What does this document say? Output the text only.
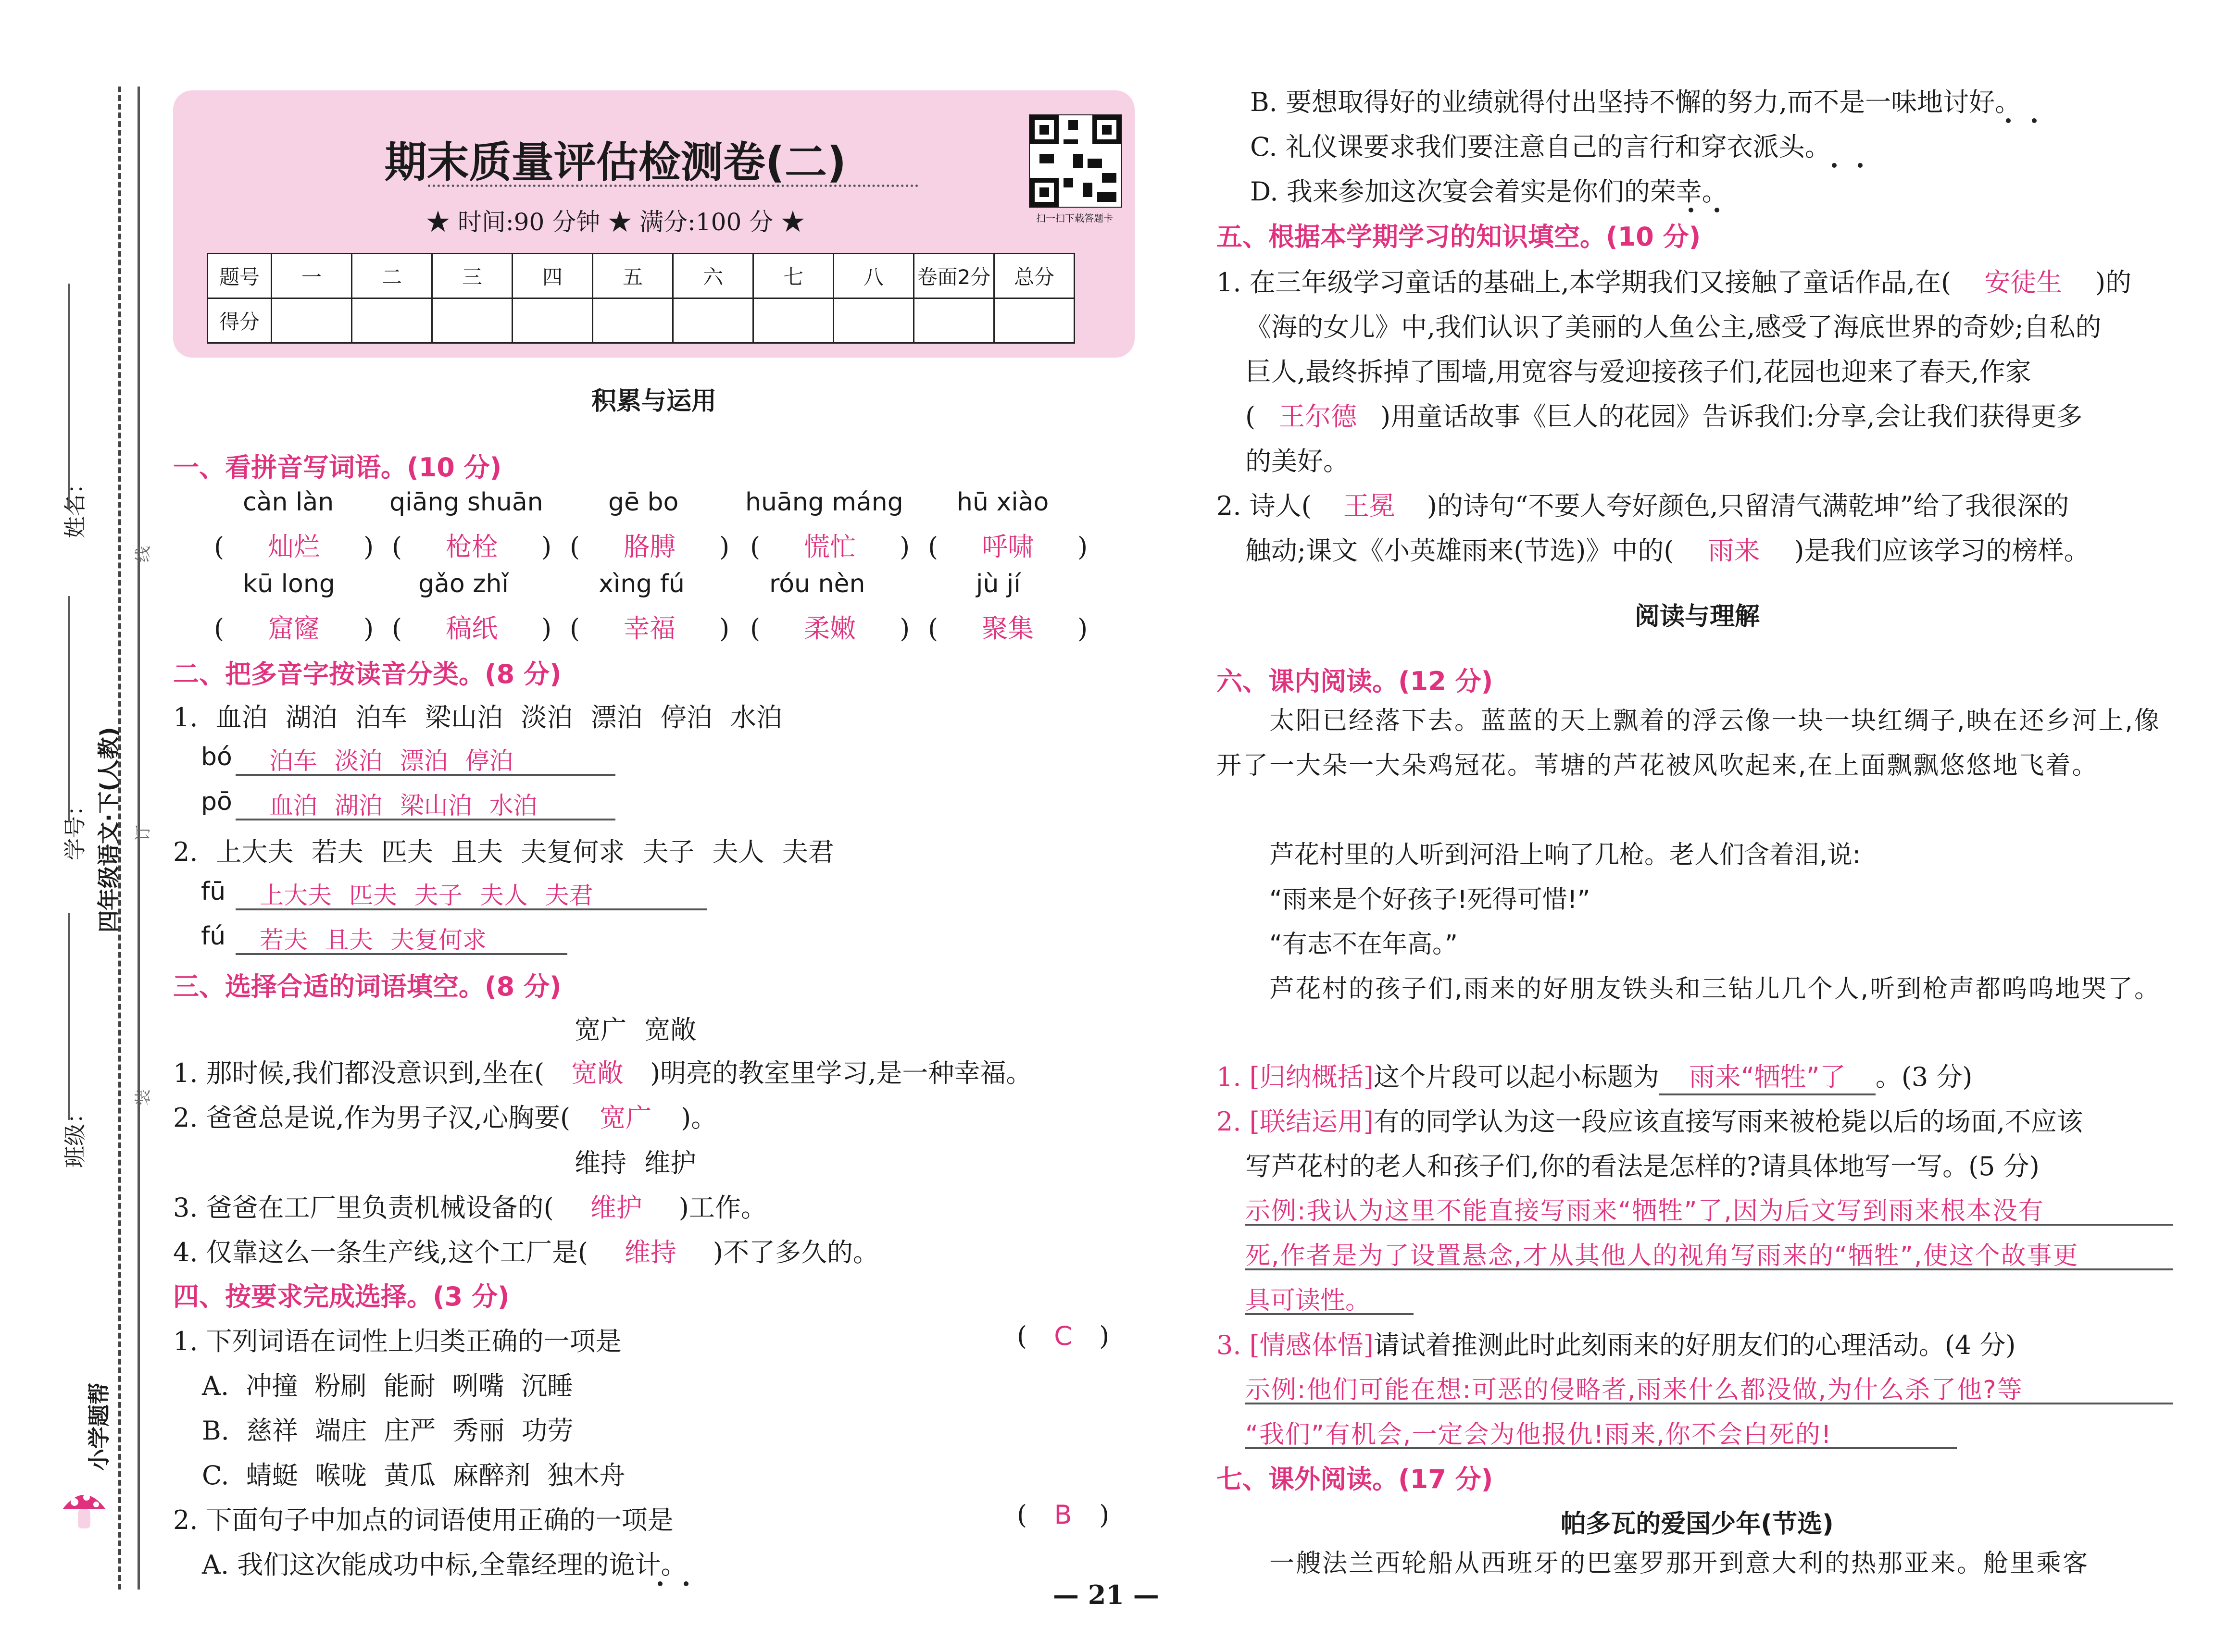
姓名：
学号： 四年级语文·下(人教)
班级：
小学题帮
线
订
装
期末质量评估检测卷(二)
★ 时间:90 分钟 ★ 满分:100 分 ★	扫一扫下载答题卡
题号	一	二	三	四	五	六	七	八	卷面2分	总分
得分										
积累与运用
一、看拼音写词语。(10 分)
càn làn qiāng shuān	gē bo	huāng máng hū xiào
( 灿烂 ) ( 枪栓 ) ( 胳膊 ) ( 慌忙 ) ( 呼啸 )
kū long	gǎo zhǐ	xìng fú	róu nèn	jù jí
( 窟窿 ) ( 稿纸 ) ( 幸福 ) ( 柔嫩 ) ( 聚集 )
二、把多音字按读音分类。(8 分)
1. 血泊 湖泊 泊车 梁山泊 淡泊 漂泊 停泊 水泊
bó 泊车 淡泊 漂泊 停泊
pō 血泊 湖泊 梁山泊 水泊
2. 上大夫 若夫 匹夫 且夫 夫复何求 夫子 夫人 夫君
fū 上大夫 匹夫 夫子 夫人 夫君
fú 若夫 且夫 夫复何求
三、选择合适的词语填空。(8 分)
宽广 宽敞
1. 那时候,我们都没意识到,坐在( 宽敞 )明亮的教室里学习,是一种幸福。
2. 爸爸总是说,作为男子汉,心胸要( 宽广 )。
维持 维护
3. 爸爸在工厂里负责机械设备的( 维护 )工作。
4. 仅靠这么一条生产线,这个工厂是( 维持 )不了多久的。
四、按要求完成选择。(3 分)
1. 下列词语在词性上归类正确的一项是	( C )
A. 冲撞 粉刷 能耐 咧嘴 沉睡
B. 慈祥 端庄 庄严 秀丽 功劳
C. 蜻蜓 喉咙 黄瓜 麻醉剂 独木舟
2. 下面句子中加点的词语使用正确的一项是	( B )
A. 我们这次能成功中标,全靠经理的诡计。
B. 要想取得好的业绩就得付出坚持不懈的努力,而不是一味地讨好。
C. 礼仪课要求我们要注意自己的言行和穿衣派头。
D. 我来参加这次宴会着实是你们的荣幸。
五、根据本学期学习的知识填空。(10 分)
1. 在三年级学习童话的基础上,本学期我们又接触了童话作品,在( 安徒生 )的
《海的女儿》中,我们认识了美丽的人鱼公主,感受了海底世界的奇妙;自私的
巨人,最终拆掉了围墙,用宽容与爱迎接孩子们,花园也迎来了春天,作家
( 王尔德 )用童话故事《巨人的花园》告诉我们:分享,会让我们获得更多
的美好。
2. 诗人( 王冕 )的诗句“不要人夸好颜色,只留清气满乾坤”给了我很深的
触动;课文《小英雄雨来(节选)》中的( 雨来 )是我们应该学习的榜样。
阅读与理解
六、课内阅读。(12 分)
太阳已经落下去。蓝蓝的天上飘着的浮云像一块一块红绸子,映在还乡河上,像开了一大朵一大朵鸡冠花。苇塘的芦花被风吹起来,在上面飘飘悠悠地飞着。
芦花村里的人听到河沿上响了几枪。老人们含着泪,说:
“雨来是个好孩子!死得可惜!”
“有志不在年高。”
芦花村的孩子们,雨来的好朋友铁头和三钻儿几个人,听到枪声都呜呜地哭了。
1. [归纳概括]这个片段可以起小标题为 雨来“牺牲”了 。(3 分)
2. [联结运用]有的同学认为这一段应该直接写雨来被枪毙以后的场面,不应该
写芦花村的老人和孩子们,你的看法是怎样的?请具体地写一写。(5 分)
示例:我认为这里不能直接写雨来“牺牲”了,因为后文写到雨来根本没有
死,作者是为了设置悬念,才从其他人的视角写雨来的“牺牲”,使这个故事更
具可读性。
3. [情感体悟]请试着推测此时此刻雨来的好朋友们的心理活动。(4 分)
示例:他们可能在想:可恶的侵略者,雨来什么都没做,为什么杀了他?等
“我们”有机会,一定会为他报仇!雨来,你不会白死的!
七、课外阅读。(17 分)
帕多瓦的爱国少年(节选)
一艘法兰西轮船从西班牙的巴塞罗那开到意大利的热那亚来。舱里乘客
— 21 —
